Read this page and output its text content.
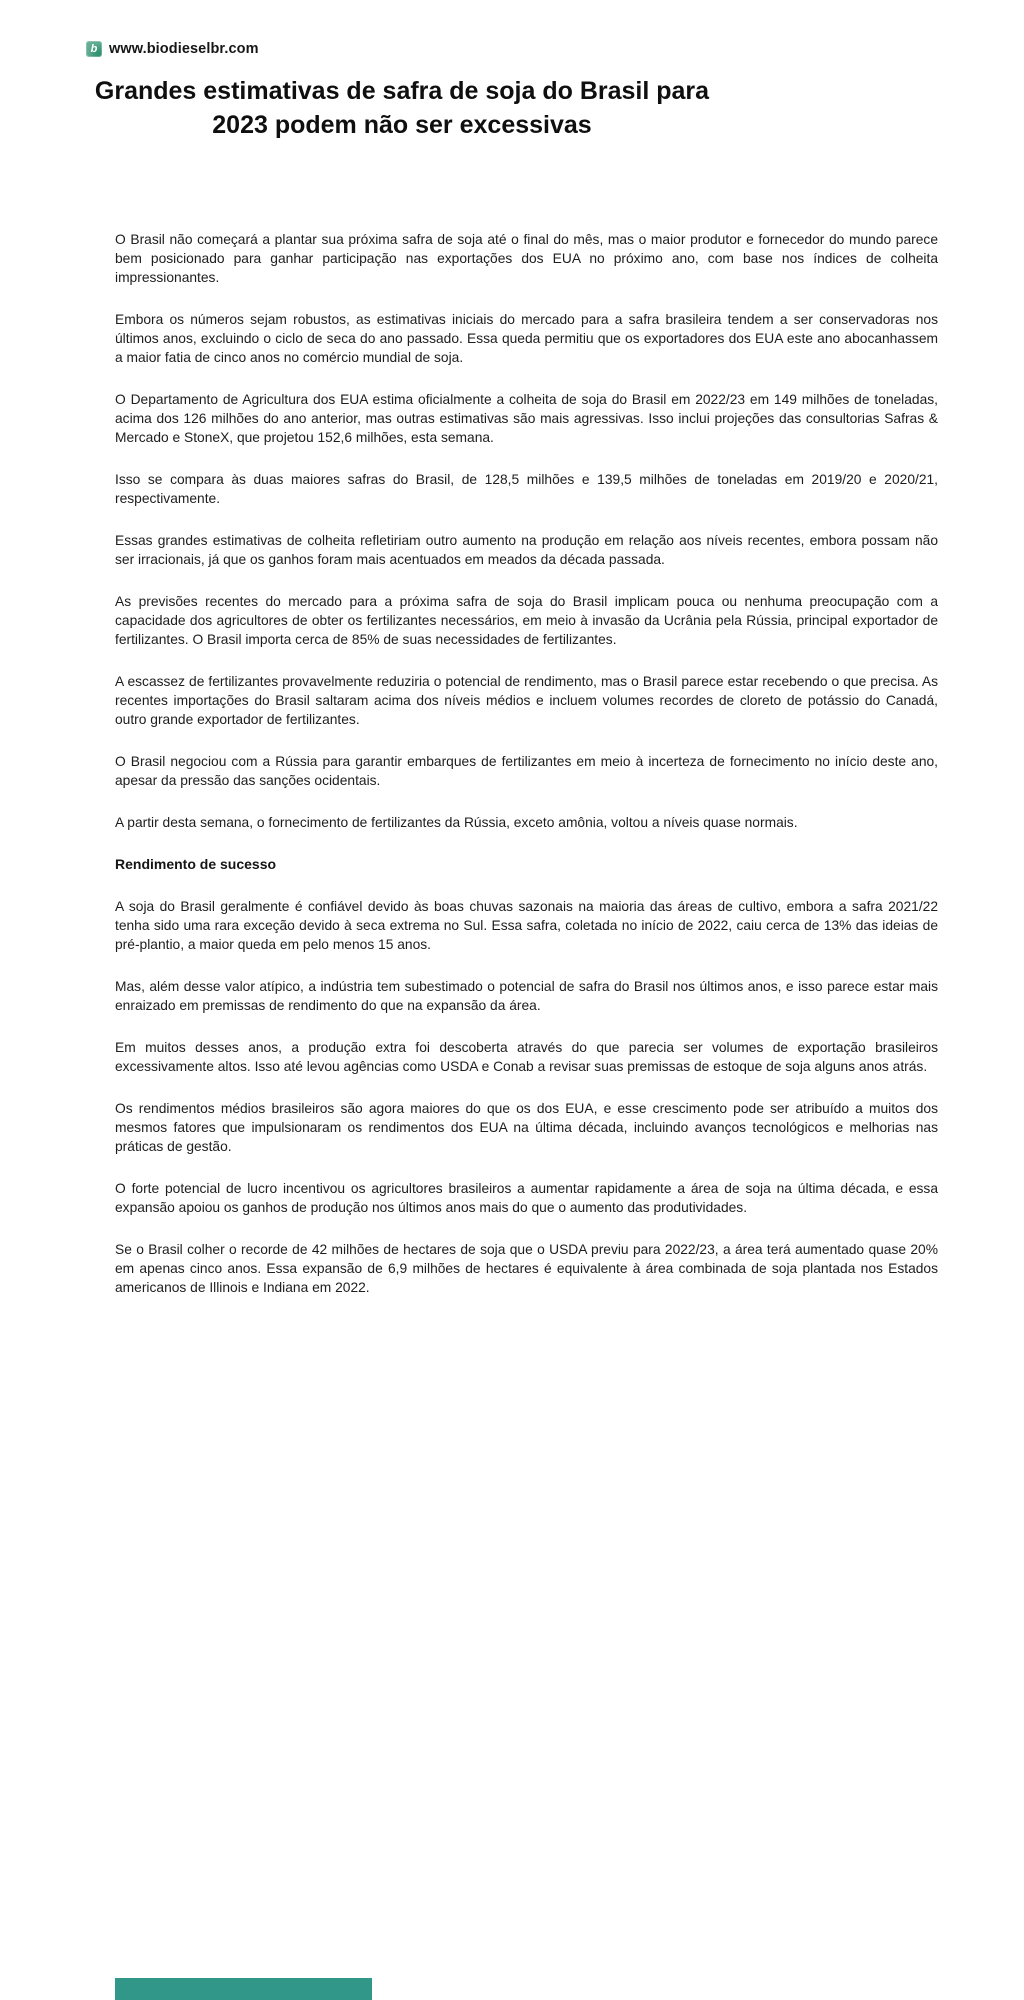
b www.biodieselbr.com
Grandes estimativas de safra de soja do Brasil para
2023 podem não ser excessivas

O Brasil não começará a plantar sua próxima safra de soja até o final do mês, mas o maior produtor e fornecedor do mundo parece bem posicionado para ganhar participação nas exportações dos EUA no próximo ano, com base nos índices de colheita impressionantes.

Embora os números sejam robustos, as estimativas iniciais do mercado para a safra brasileira tendem a ser conservadoras nos últimos anos, excluindo o ciclo de seca do ano passado. Essa queda permitiu que os exportadores dos EUA este ano abocanhassem a maior fatia de cinco anos no comércio mundial de soja.

O Departamento de Agricultura dos EUA estima oficialmente a colheita de soja do Brasil em 2022/23 em 149 milhões de toneladas, acima dos 126 milhões do ano anterior, mas outras estimativas são mais agressivas. Isso inclui projeções das consultorias Safras & Mercado e StoneX, que projetou 152,6 milhões, esta semana.

Isso se compara às duas maiores safras do Brasil, de 128,5 milhões e 139,5 milhões de toneladas em 2019/20 e 2020/21, respectivamente.

Essas grandes estimativas de colheita refletiriam outro aumento na produção em relação aos níveis recentes, embora possam não ser irracionais, já que os ganhos foram mais acentuados em meados da década passada.

As previsões recentes do mercado para a próxima safra de soja do Brasil implicam pouca ou nenhuma preocupação com a capacidade dos agricultores de obter os fertilizantes necessários, em meio à invasão da Ucrânia pela Rússia, principal exportador de fertilizantes. O Brasil importa cerca de 85% de suas necessidades de fertilizantes.

A escassez de fertilizantes provavelmente reduziria o potencial de rendimento, mas o Brasil parece estar recebendo o que precisa. As recentes importações do Brasil saltaram acima dos níveis médios e incluem volumes recordes de cloreto de potássio do Canadá, outro grande exportador de fertilizantes.

O Brasil negociou com a Rússia para garantir embarques de fertilizantes em meio à incerteza de fornecimento no início deste ano, apesar da pressão das sanções ocidentais.

A partir desta semana, o fornecimento de fertilizantes da Rússia, exceto amônia, voltou a níveis quase normais.

Rendimento de sucesso

A soja do Brasil geralmente é confiável devido às boas chuvas sazonais na maioria das áreas de cultivo, embora a safra 2021/22 tenha sido uma rara exceção devido à seca extrema no Sul. Essa safra, coletada no início de 2022, caiu cerca de 13% das ideias de pré-plantio, a maior queda em pelo menos 15 anos.

Mas, além desse valor atípico, a indústria tem subestimado o potencial de safra do Brasil nos últimos anos, e isso parece estar mais enraizado em premissas de rendimento do que na expansão da área.

Em muitos desses anos, a produção extra foi descoberta através do que parecia ser volumes de exportação brasileiros excessivamente altos. Isso até levou agências como USDA e Conab a revisar suas premissas de estoque de soja alguns anos atrás.

Os rendimentos médios brasileiros são agora maiores do que os dos EUA, e esse crescimento pode ser atribuído a muitos dos mesmos fatores que impulsionaram os rendimentos dos EUA na última década, incluindo avanços tecnológicos e melhorias nas práticas de gestão.

O forte potencial de lucro incentivou os agricultores brasileiros a aumentar rapidamente a área de soja na última década, e essa expansão apoiou os ganhos de produção nos últimos anos mais do que o aumento das produtividades.

Se o Brasil colher o recorde de 42 milhões de hectares de soja que o USDA previu para 2022/23, a área terá aumentado quase 20% em apenas cinco anos. Essa expansão de 6,9 milhões de hectares é equivalente à área combinada de soja plantada nos Estados americanos de Illinois e Indiana em 2022.
